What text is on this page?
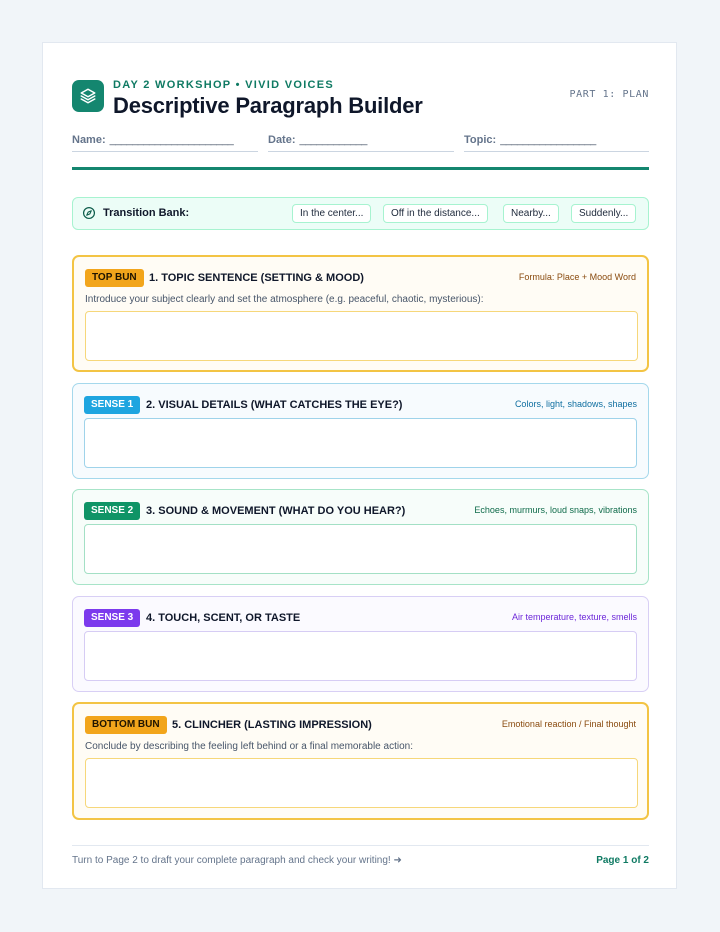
DAY 2 WORKSHOP • VIVID VOICES
Descriptive Paragraph Builder	PART 1: PLAN
Name: ______________________	Date: ____________	Topic: _________________
Transition Bank:	In the center...	Off in the distance...	Nearby...	Suddenly...
TOP BUN	1. TOPIC SENTENCE (SETTING & MOOD)	Formula: Place + Mood Word
Introduce your subject clearly and set the atmosphere (e.g. peaceful, chaotic, mysterious):
SENSE 1	2. VISUAL DETAILS (WHAT CATCHES THE EYE?)	Colors, light, shadows, shapes
SENSE 2	3. SOUND & MOVEMENT (WHAT DO YOU HEAR?)	Echoes, murmurs, loud snaps, vibrations
SENSE 3	4. TOUCH, SCENT, OR TASTE	Air temperature, texture, smells
BOTTOM BUN	5. CLINCHER (LASTING IMPRESSION)	Emotional reaction / Final thought
Conclude by describing the feeling left behind or a final memorable action:
Turn to Page 2 to draft your complete paragraph and check your writing! ➜	Page 1 of 2
